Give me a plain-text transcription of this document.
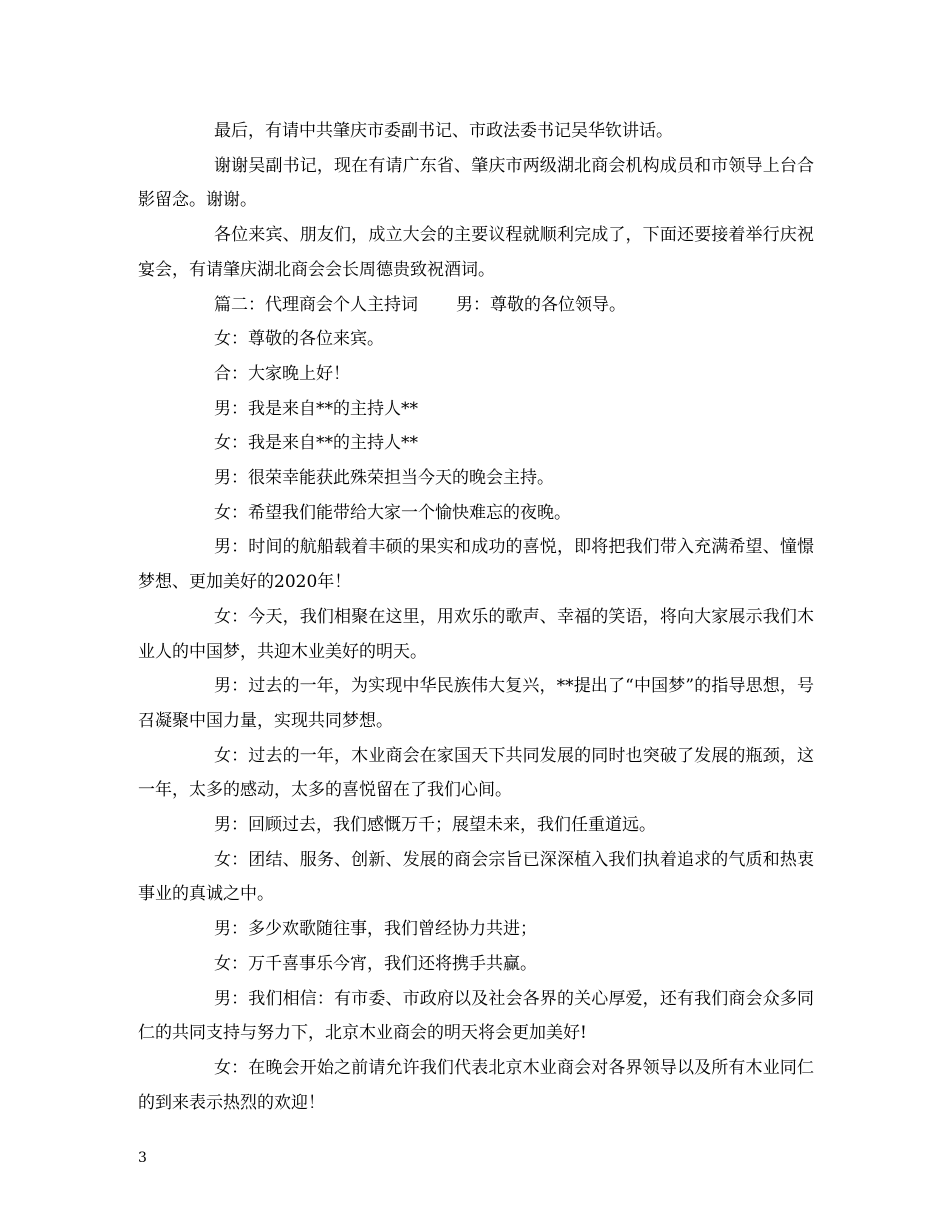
最后，有请中共肇庆市委副书记、市政法委书记吴华钦讲话。

谢谢吴副书记，现在有请广东省、肇庆市两级湖北商会机构成员和市领导上台合影留念。谢谢。

各位来宾、朋友们，成立大会的主要议程就顺利完成了，下面还要接着举行庆祝宴会，有请肇庆湖北商会会长周德贵致祝酒词。

篇二：代理商会个人主持词 男：尊敬的各位领导。

女：尊敬的各位来宾。

合：大家晚上好！

男：我是来自**的主持人**

女：我是来自**的主持人**

男：很荣幸能获此殊荣担当今天的晚会主持。

女：希望我们能带给大家一个愉快难忘的夜晚。

男：时间的航船载着丰硕的果实和成功的喜悦，即将把我们带入充满希望、憧憬梦想、更加美好的2020年！

女：今天，我们相聚在这里，用欢乐的歌声、幸福的笑语，将向大家展示我们木业人的中国梦，共迎木业美好的明天。

男：过去的一年，为实现中华民族伟大复兴，**提出了“中国梦”的指导思想，号召凝聚中国力量，实现共同梦想。

女：过去的一年，木业商会在家国天下共同发展的同时也突破了发展的瓶颈，这一年，太多的感动，太多的喜悦留在了我们心间。

男：回顾过去，我们感慨万千；展望未来，我们任重道远。

女：团结、服务、创新、发展的商会宗旨已深深植入我们执着追求的气质和热衷事业的真诚之中。

男：多少欢歌随往事，我们曾经协力共进；

女：万千喜事乐今宵，我们还将携手共赢。

男：我们相信：有市委、市政府以及社会各界的关心厚爱，还有我们商会众多同仁的共同支持与努力下，北京木业商会的明天将会更加美好!

女：在晚会开始之前请允许我们代表北京木业商会对各界领导以及所有木业同仁的到来表示热烈的欢迎！

3
